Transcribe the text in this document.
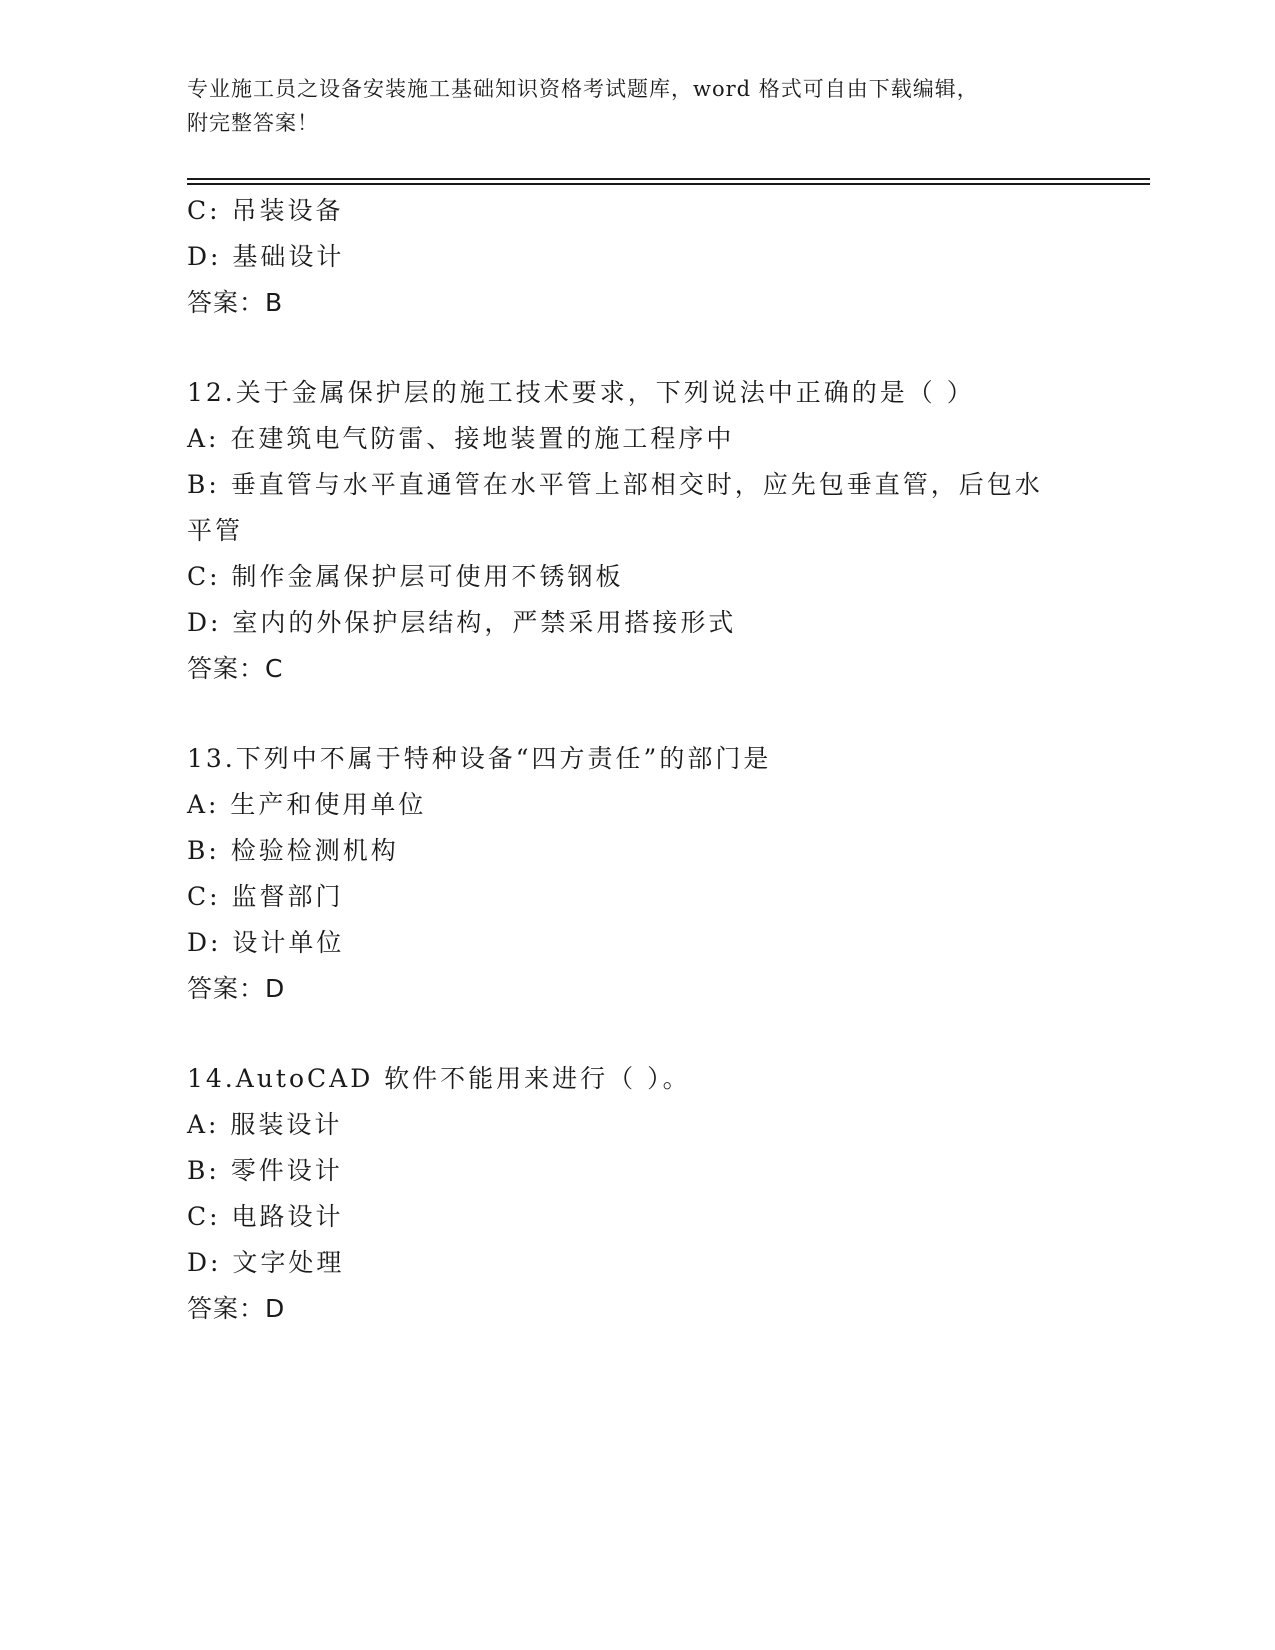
专业施工员之设备安装施工基础知识资格考试题库，word 格式可自由下载编辑，
附完整答案！
C: 吊装设备
D: 基础设计
答案：B
12.关于金属保护层的施工技术要求，下列说法中正确的是（ ）
A: 在建筑电气防雷、接地装置的施工程序中
B: 垂直管与水平直通管在水平管上部相交时，应先包垂直管，后包水平管
C: 制作金属保护层可使用不锈钢板
D: 室内的外保护层结构，严禁采用搭接形式
答案：C
13.下列中不属于特种设备“四方责任”的部门是
A: 生产和使用单位
B: 检验检测机构
C: 监督部门
D: 设计单位
答案：D
14.AutoCAD 软件不能用来进行（ ）。
A: 服装设计
B: 零件设计
C: 电路设计
D: 文字处理
答案：D
